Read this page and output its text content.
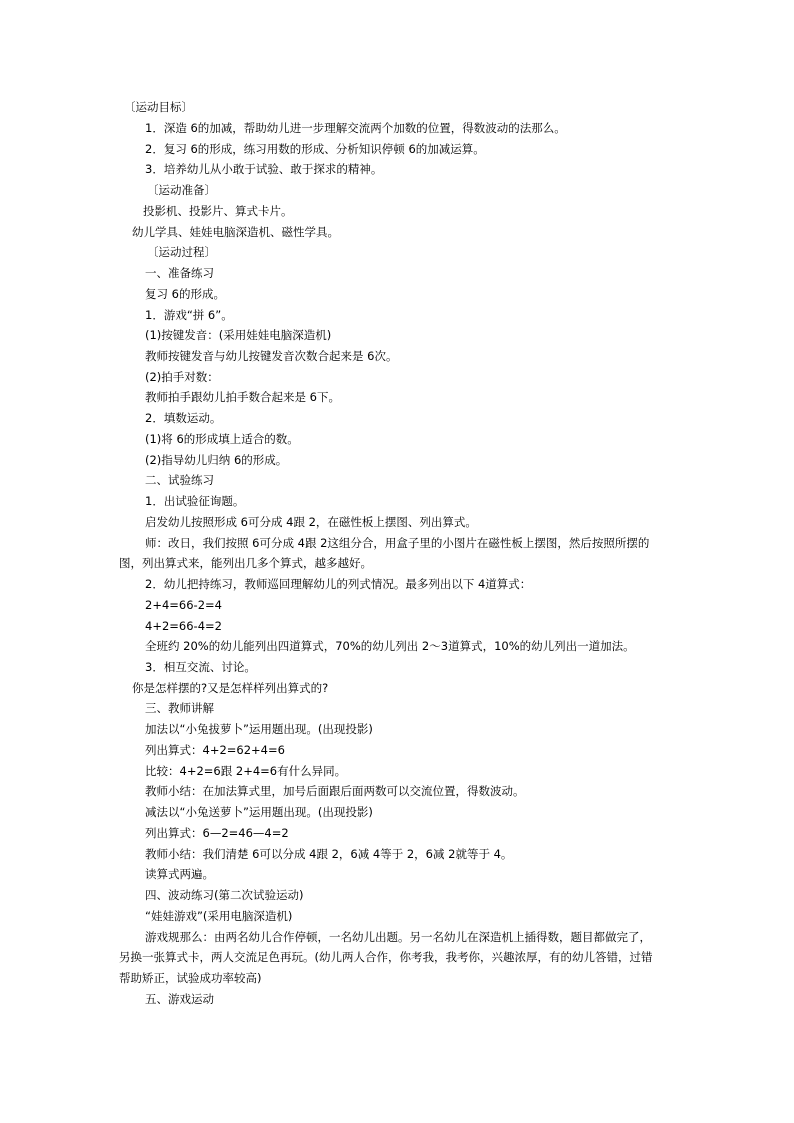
〔运动目标〕
1．深造 6的加减，帮助幼儿进一步理解交流两个加数的位置，得数波动的法那么。
2．复习 6的形成，练习用数的形成、分析知识停顿 6的加减运算。
3．培养幼儿从小敢于试验、敢于探求的精神。
〔运动准备〕
投影机、投影片、算式卡片。
幼儿学具、娃娃电脑深造机、磁性学具。
〔运动过程〕
一、准备练习
复习 6的形成。
1．游戏“拼 6”。
(1)按键发音：(采用娃娃电脑深造机)
教师按键发音与幼儿按键发音次数合起来是 6次。
(2)拍手对数：
教师拍手跟幼儿拍手数合起来是 6下。
2．填数运动。
(1)将 6的形成填上适合的数。
(2)指导幼儿归纳 6的形成。
二、试验练习
1．出试验征询题。
启发幼儿按照形成 6可分成 4跟 2，在磁性板上摆图、列出算式。
师：改日，我们按照 6可分成 4跟 2这组分合，用盒子里的小图片在磁性板上摆图，然后按照所摆的
图，列出算式来，能列出几多个算式，越多越好。
2．幼儿把持练习，教师巡回理解幼儿的列式情况。最多列出以下 4道算式：
2+4=66-2=4
4+2=66-4=2
全班约 20%的幼儿能列出四道算式，70%的幼儿列出 2～3道算式，10%的幼儿列出一道加法。
3．相互交流、讨论。
你是怎样摆的?又是怎样样列出算式的?
三、教师讲解
加法以“小兔拔萝卜”运用题出现。(出现投影)
列出算式：4+2=62+4=6
比较：4+2=6跟 2+4=6有什么异同。
教师小结：在加法算式里，加号后面跟后面两数可以交流位置，得数波动。
减法以“小兔送萝卜”运用题出现。(出现投影)
列出算式：6—2=46—4=2
教师小结：我们清楚 6可以分成 4跟 2，6减 4等于 2，6减 2就等于 4。
读算式两遍。
四、波动练习(第二次试验运动)
“娃娃游戏”(采用电脑深造机)
游戏规那么：由两名幼儿合作停顿，一名幼儿出题。另一名幼儿在深造机上插得数，题目都做完了，
另换一张算式卡，两人交流足色再玩。(幼儿两人合作，你考我，我考你，兴趣浓厚，有的幼儿答错，过错
帮助矫正，试验成功率较高)
五、游戏运动
